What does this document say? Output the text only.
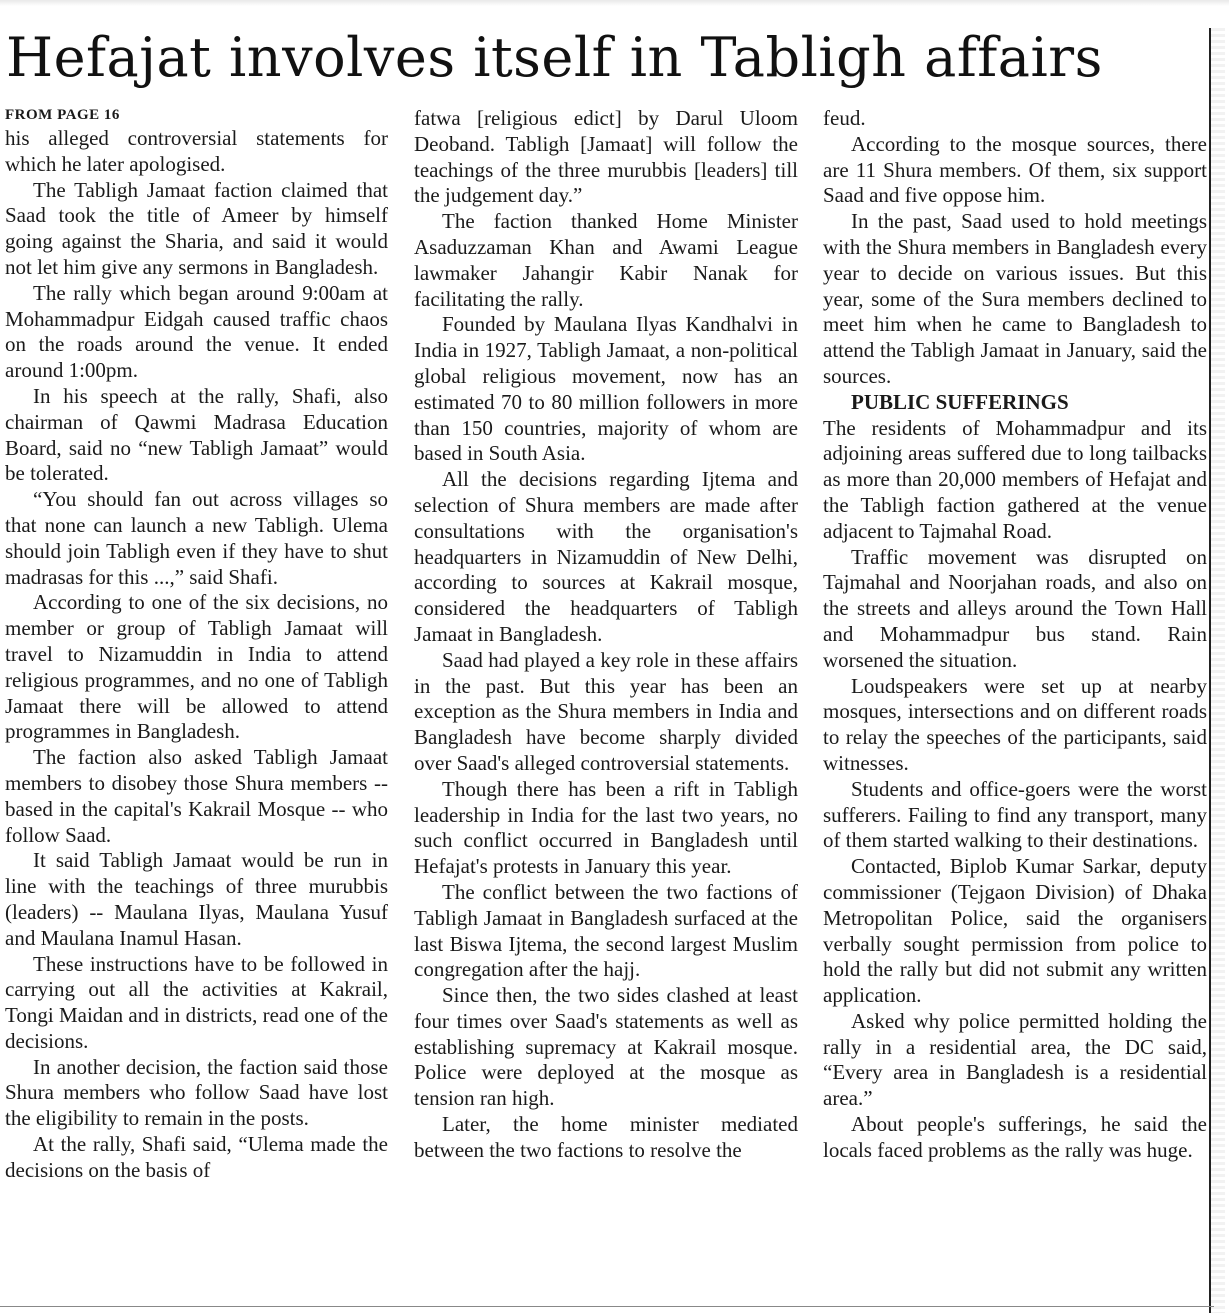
Hefajat involves itself in Tabligh affairs
FROM PAGE 16

his alleged controversial statements for which he later apologised.

The Tabligh Jamaat faction claimed that Saad took the title of Ameer by himself going against the Sharia, and said it would not let him give any sermons in Bangladesh.

The rally which began around 9:00am at Mohammadpur Eidgah caused traffic chaos on the roads around the venue. It ended around 1:00pm.

In his speech at the rally, Shafi, also chairman of Qawmi Madrasa Education Board, said no “new Tabligh Jamaat” would be tolerated.

“You should fan out across villages so that none can launch a new Tabligh. Ulema should join Tabligh even if they have to shut madrasas for this ...,” said Shafi.

According to one of the six decisions, no member or group of Tabligh Jamaat will travel to Nizamuddin in India to attend religious programmes, and no one of Tabligh Jamaat there will be allowed to attend programmes in Bangladesh.

The faction also asked Tabligh Jamaat members to disobey those Shura members -- based in the capital's Kakrail Mosque -- who follow Saad.

It said Tabligh Jamaat would be run in line with the teachings of three murubbis (leaders) -- Maulana Ilyas, Maulana Yusuf and Maulana Inamul Hasan.

These instructions have to be followed in carrying out all the activities at Kakrail, Tongi Maidan and in districts, read one of the decisions.

In another decision, the faction said those Shura members who follow Saad have lost the eligibility to remain in the posts.

At the rally, Shafi said, “Ulema made the decisions on the basis of

fatwa [religious edict] by Darul Uloom Deoband. Tabligh [Jamaat] will follow the teachings of the three murubbis [leaders] till the judgement day.”

The faction thanked Home Minister Asaduzzaman Khan and Awami League lawmaker Jahangir Kabir Nanak for facilitating the rally.

Founded by Maulana Ilyas Kandhalvi in India in 1927, Tabligh Jamaat, a non-political global religious movement, now has an estimated 70 to 80 million followers in more than 150 countries, majority of whom are based in South Asia.

All the decisions regarding Ijtema and selection of Shura members are made after consultations with the organisation's headquarters in Nizamuddin of New Delhi, according to sources at Kakrail mosque, considered the headquarters of Tabligh Jamaat in Bangladesh.

Saad had played a key role in these affairs in the past. But this year has been an exception as the Shura members in India and Bangladesh have become sharply divided over Saad's alleged controversial statements.

Though there has been a rift in Tabligh leadership in India for the last two years, no such conflict occurred in Bangladesh until Hefajat's protests in January this year.

The conflict between the two factions of Tabligh Jamaat in Bangladesh surfaced at the last Biswa Ijtema, the second largest Muslim congregation after the hajj.

Since then, the two sides clashed at least four times over Saad's statements as well as establishing supremacy at Kakrail mosque. Police were deployed at the mosque as tension ran high.

Later, the home minister mediated between the two factions to resolve the

feud.

According to the mosque sources, there are 11 Shura members. Of them, six support Saad and five oppose him.

In the past, Saad used to hold meetings with the Shura members in Bangladesh every year to decide on various issues. But this year, some of the Sura members declined to meet him when he came to Bangladesh to attend the Tabligh Jamaat in January, said the sources.

PUBLIC SUFFERINGS

The residents of Mohammadpur and its adjoining areas suffered due to long tailbacks as more than 20,000 members of Hefajat and the Tabligh faction gathered at the venue adjacent to Tajmahal Road.

Traffic movement was disrupted on Tajmahal and Noorjahan roads, and also on the streets and alleys around the Town Hall and Mohammadpur bus stand. Rain worsened the situation.

Loudspeakers were set up at nearby mosques, intersections and on different roads to relay the speeches of the participants, said witnesses.

Students and office-goers were the worst sufferers. Failing to find any transport, many of them started walking to their destinations.

Contacted, Biplob Kumar Sarkar, deputy commissioner (Tejgaon Division) of Dhaka Metropolitan Police, said the organisers verbally sought permission from police to hold the rally but did not submit any written application.

Asked why police permitted holding the rally in a residential area, the DC said, “Every area in Bangladesh is a residential area.”

About people's sufferings, he said the locals faced problems as the rally was huge.
